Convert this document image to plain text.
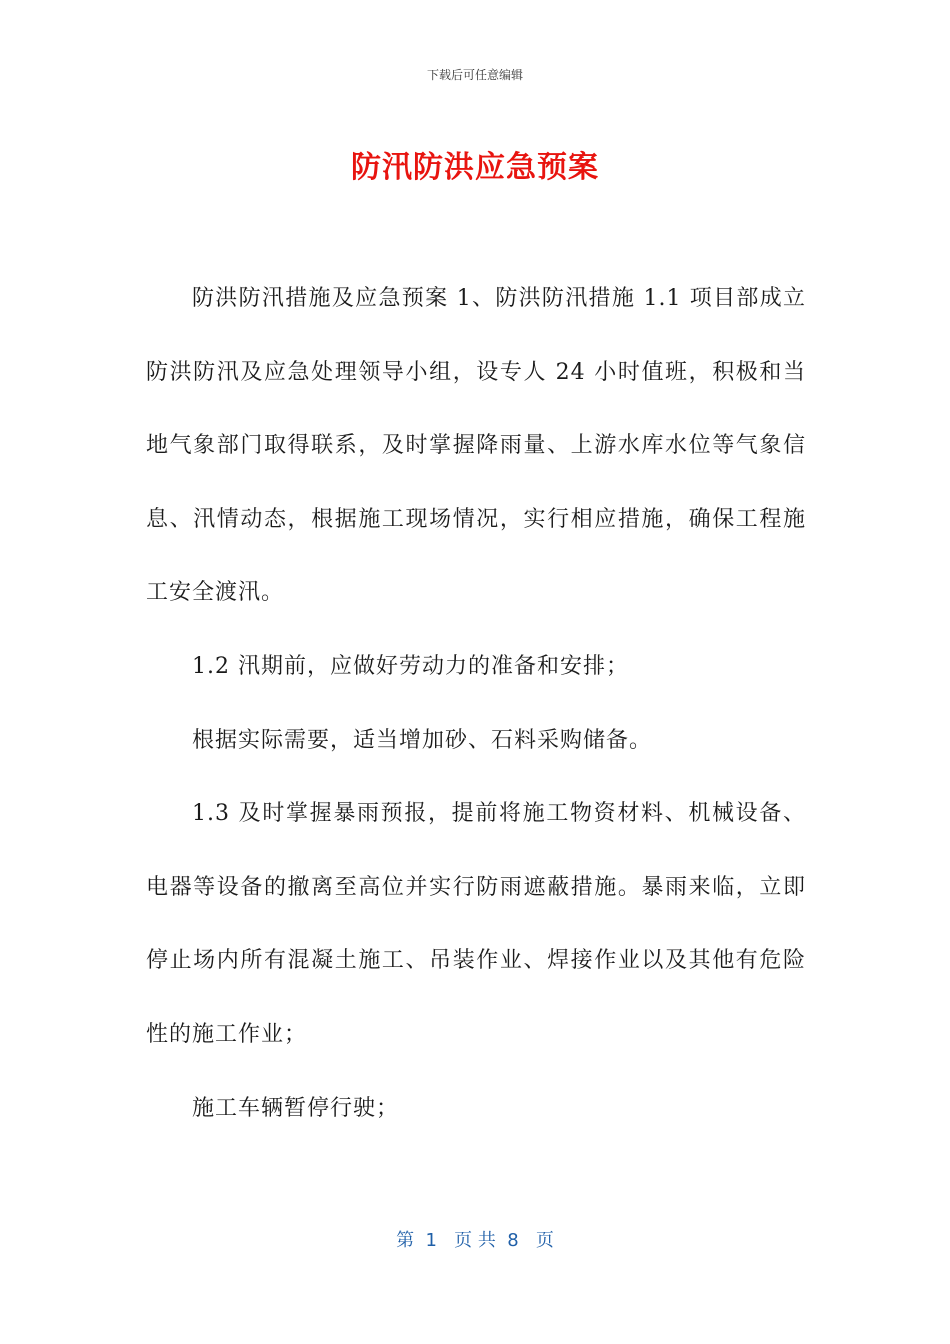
下载后可任意编辑
防汛防洪应急预案

防洪防汛措施及应急预案 1、防洪防汛措施 1.1 项目部成立防洪防汛及应急处理领导小组，设专人 24 小时值班，积极和当地气象部门取得联系，及时掌握降雨量、上游水库水位等气象信息、汛情动态，根据施工现场情况，实行相应措施，确保工程施工安全渡汛。

1.2 汛期前，应做好劳动力的准备和安排；

根据实际需要，适当增加砂、石料采购储备。

1.3 及时掌握暴雨预报，提前将施工物资材料、机械设备、电器等设备的撤离至高位并实行防雨遮蔽措施。暴雨来临，立即停止场内所有混凝土施工、吊装作业、焊接作业以及其他有危险性的施工作业；

施工车辆暂停行驶；

第  1   页 共  8   页
